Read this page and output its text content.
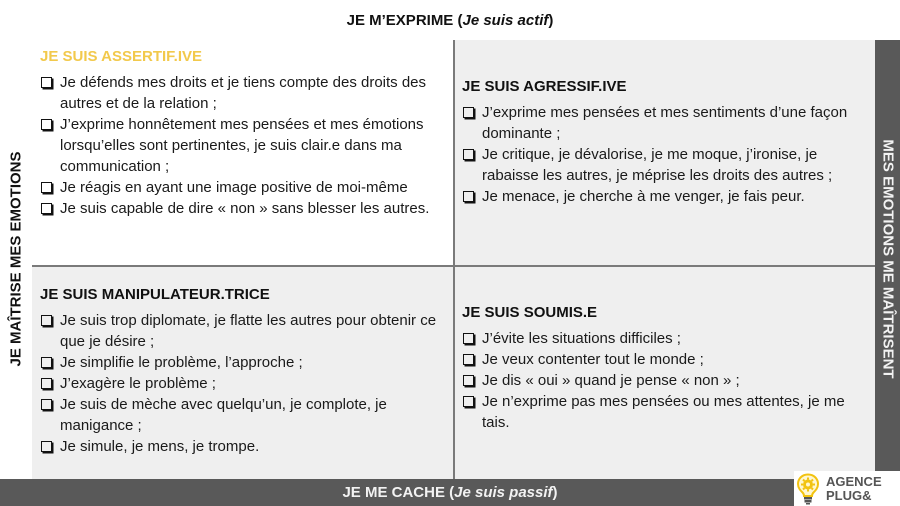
JE M’EXPRIME ( Je suis actif )
JE MAÎTRISE MES EMOTIONS	MES EMOTIONS ME MAÎTRISENT
JE SUIS ASSERTIF.IVE
Je défends mes droits et je tiens compte des droits des autres et de la relation ;
J’exprime honnêtement mes pensées et mes émotions lorsqu’elles sont pertinentes, je suis clair.e dans ma communication ;
Je réagis en ayant une image positive de moi-même
Je suis capable de dire « non » sans blesser les autres.
JE SUIS AGRESSIF.IVE
J’exprime mes pensées et mes sentiments d’une façon dominante ;
Je critique, je dévalorise, je me moque, j’ironise, je rabaisse les autres, je méprise les droits des autres ;
Je menace, je cherche à me venger, je fais peur.
JE SUIS MANIPULATEUR.TRICE
Je suis trop diplomate, je flatte les autres pour obtenir ce que je désire ;
Je simplifie le problème, l’approche ;
J’exagère le problème ;
Je suis de mèche avec quelqu’un, je complote, je manigance ;
Je simule, je mens, je trompe.
JE SUIS SOUMIS.E
J’évite les situations difficiles ;
Je veux contenter tout le monde ;
Je dis « oui » quand je pense « non » ;
Je n’exprime pas mes pensées ou mes attentes, je me tais.
JE ME CACHE ( Je suis passif )
AGENCE
PLUG&
